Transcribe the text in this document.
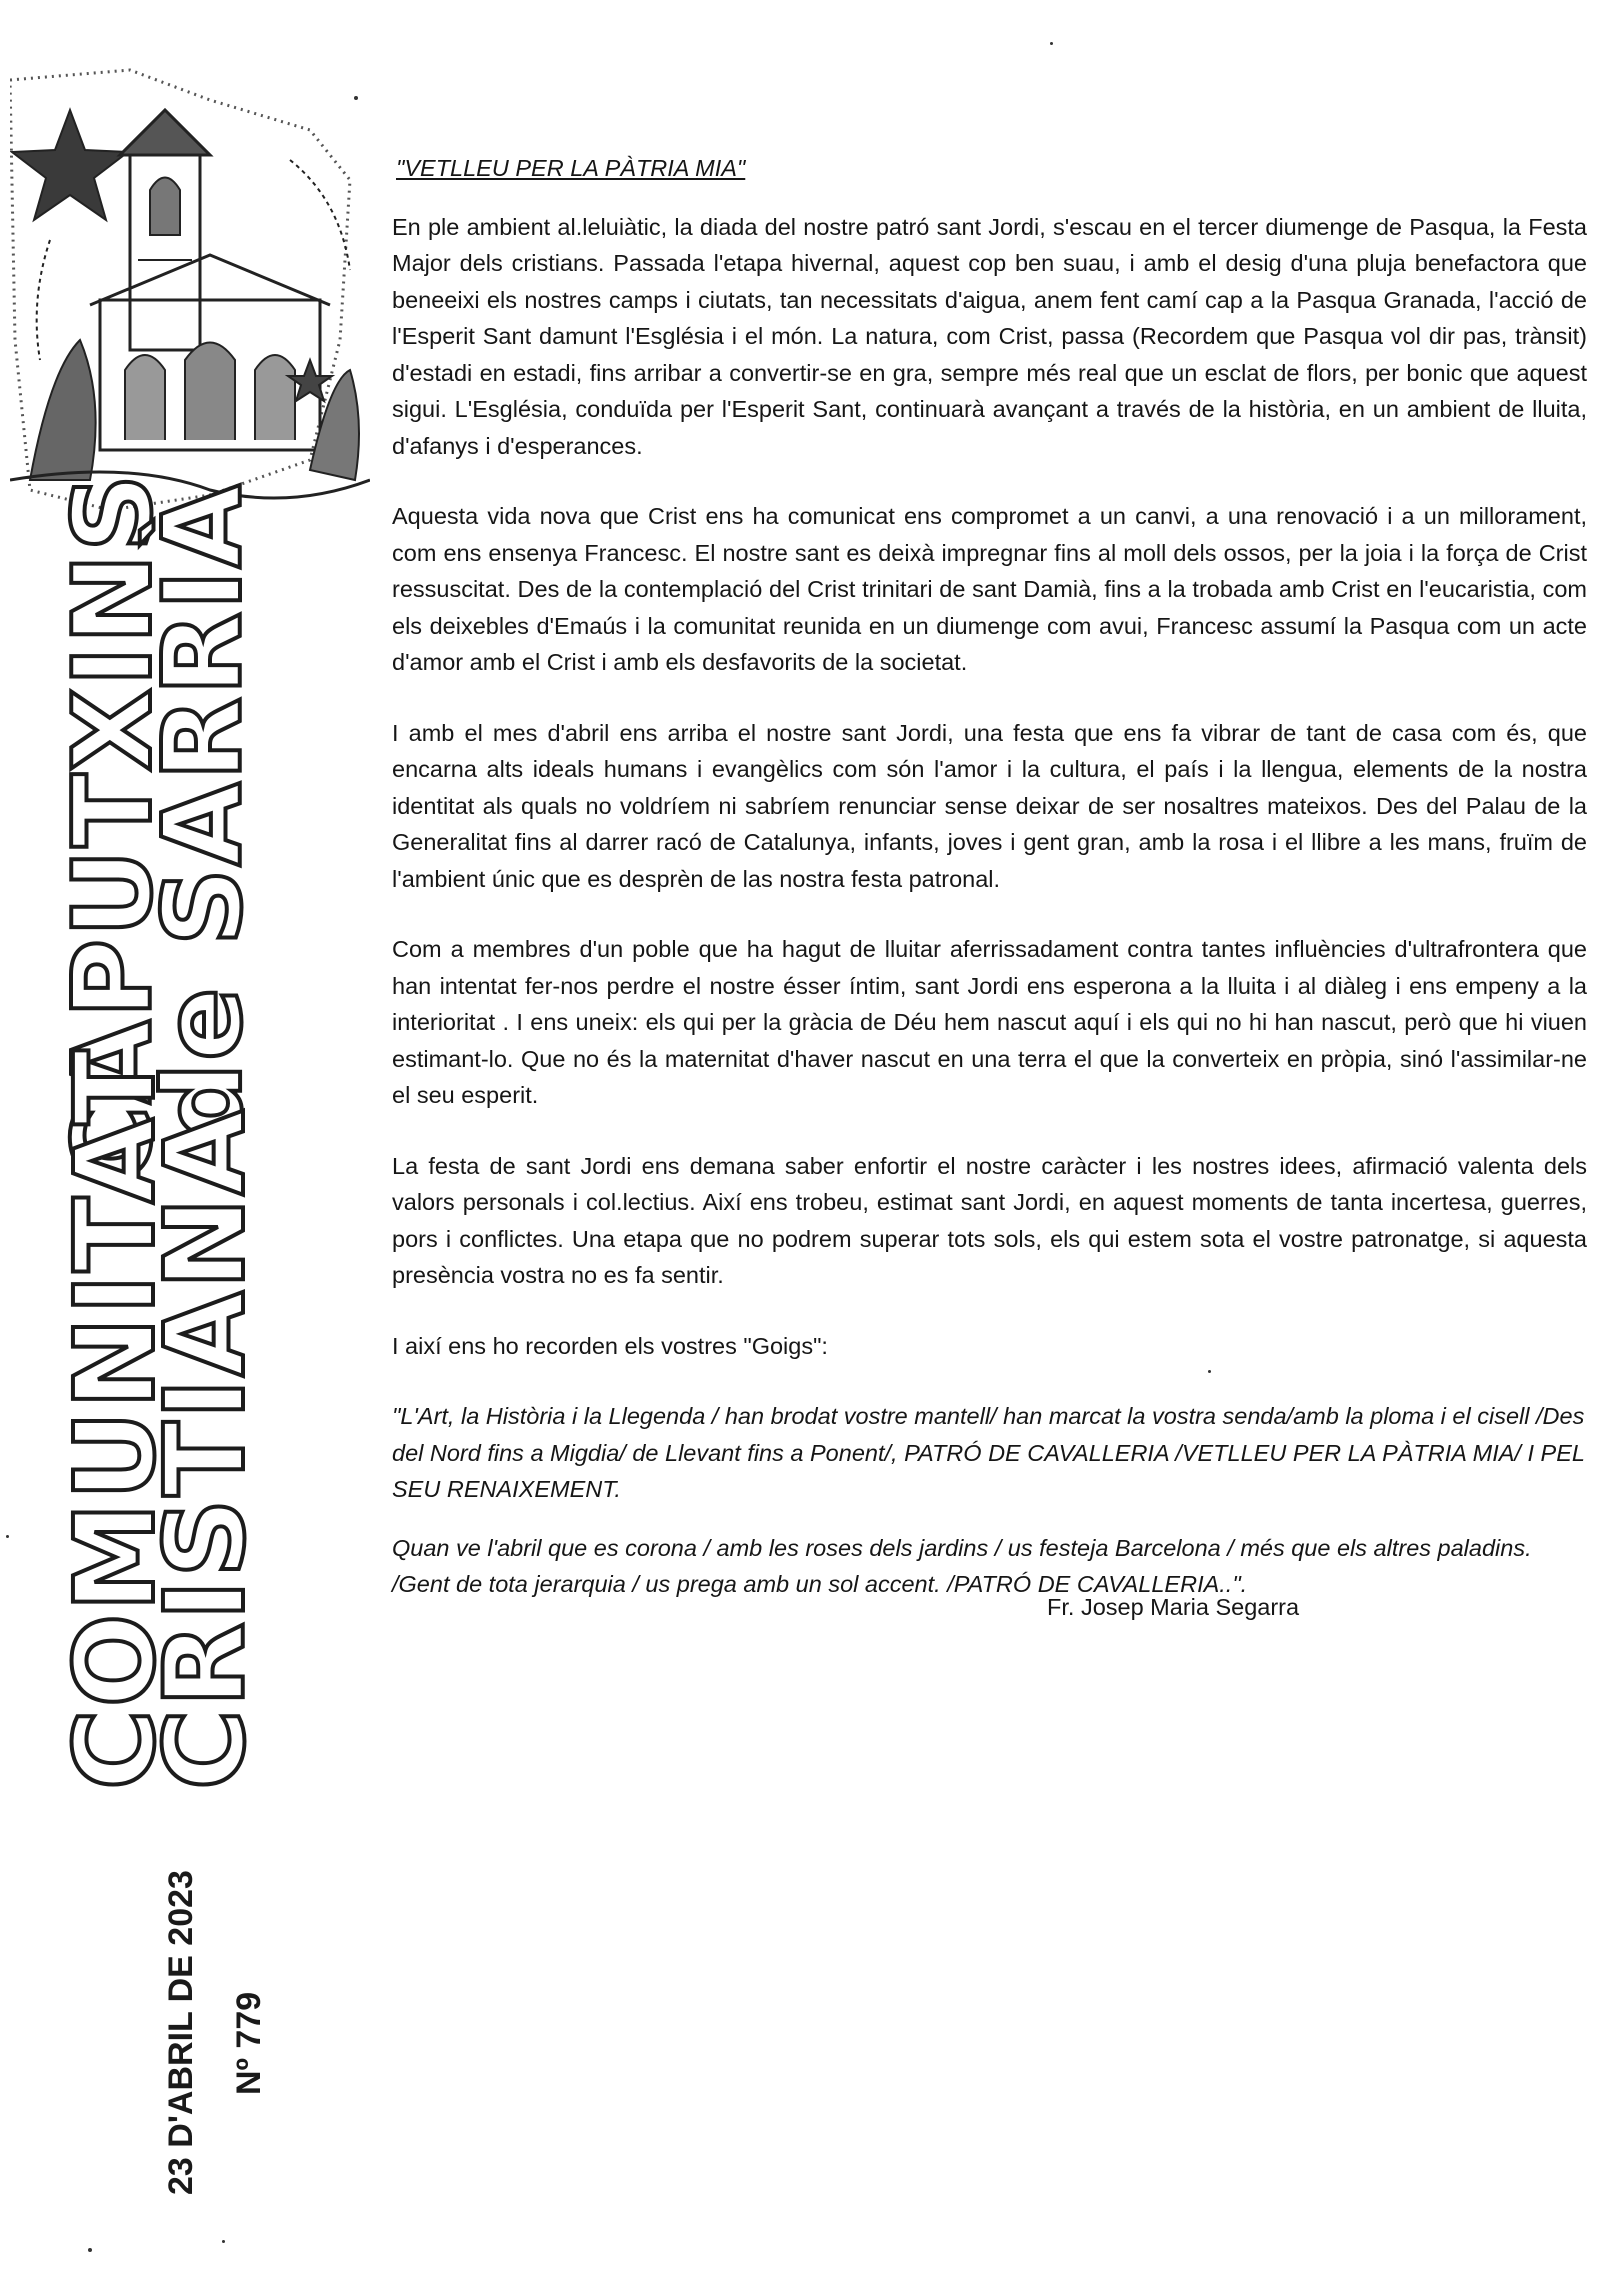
CAPUTXINS
de SARRIÀ
COMUNITAT
CRISTIANA
23 D'ABRIL DE 2023 Nº 779
"VETLLEU PER LA PÀTRIA MIA"

En ple ambient al.leluiàtic, la diada del nostre patró sant Jordi, s'escau en el tercer diumenge de Pasqua, la Festa Major dels cristians. Passada l'etapa hivernal, aquest cop ben suau, i amb el desig d'una pluja benefactora que beneeixi els nostres camps i ciutats, tan necessitats d'aigua, anem fent camí cap a la Pasqua Granada, l'acció de l'Esperit Sant damunt l'Església i el món. La natura, com Crist, passa (Recordem que Pasqua vol dir pas, trànsit) d'estadi en estadi, fins arribar a convertir-se en gra, sempre més real que un esclat de flors, per bonic que aquest sigui. L'Església, conduïda per l'Esperit Sant, continuarà avançant a través de la història, en un ambient de lluita, d'afanys i d'esperances.

Aquesta vida nova que Crist ens ha comunicat ens compromet a un canvi, a una renovació i a un millorament, com ens ensenya Francesc. El nostre sant es deixà impregnar fins al moll dels ossos, per la joia i la força de Crist ressuscitat. Des de la contemplació del Crist trinitari de sant Damià, fins a la trobada amb Crist en l'eucaristia, com els deixebles d'Emaús i la comunitat reunida en un diumenge com avui, Francesc assumí la Pasqua com un acte d'amor amb el Crist i amb els desfavorits de la societat.

I amb el mes d'abril ens arriba el nostre sant Jordi, una festa que ens fa vibrar de tant de casa com és, que encarna alts ideals humans i evangèlics com són l'amor i la cultura, el país i la llengua, elements de la nostra identitat als quals no voldríem ni sabríem renunciar sense deixar de ser nosaltres mateixos. Des del Palau de la Generalitat fins al darrer racó de Catalunya, infants, joves i gent gran, amb la rosa i el llibre a les mans, fruïm de l'ambient únic que es desprèn de las nostra festa patronal.

Com a membres d'un poble que ha hagut de lluitar aferrissadament contra tantes influències d'ultrafrontera que han intentat fer-nos perdre el nostre ésser íntim, sant Jordi ens esperona a la lluita i al diàleg i ens empeny a la interioritat . I ens uneix: els qui per la gràcia de Déu hem nascut aquí i els qui no hi han nascut, però que hi viuen estimant-lo. Que no és la maternitat d'haver nascut en una terra el que la converteix en pròpia, sinó l'assimilar-ne el seu esperit.

La festa de sant Jordi ens demana saber enfortir el nostre caràcter i les nostres idees, afirmació valenta dels valors personals i col.lectius. Així ens trobeu, estimat sant Jordi, en aquest moments de tanta incertesa, guerres, pors i conflictes. Una etapa que no podrem superar tots sols, els qui estem sota el vostre patronatge, si aquesta presència vostra no es fa sentir.

I així ens ho recorden els vostres "Goigs":

"L'Art, la Història i la Llegenda / han brodat vostre mantell/ han marcat la vostra senda/amb la ploma i el cisell /Des del Nord fins a Migdia/ de Llevant fins a Ponent/, PATRÓ DE CAVALLERIA /VETLLEU PER LA PÀTRIA MIA/ I PEL SEU RENAIXEMENT.

Quan ve l'abril que es corona / amb les roses dels jardins / us festeja Barcelona / més que els altres paladins. /Gent de tota jerarquia / us prega amb un sol accent. /PATRÓ DE CAVALLERIA..".

Fr. Josep Maria Segarra
